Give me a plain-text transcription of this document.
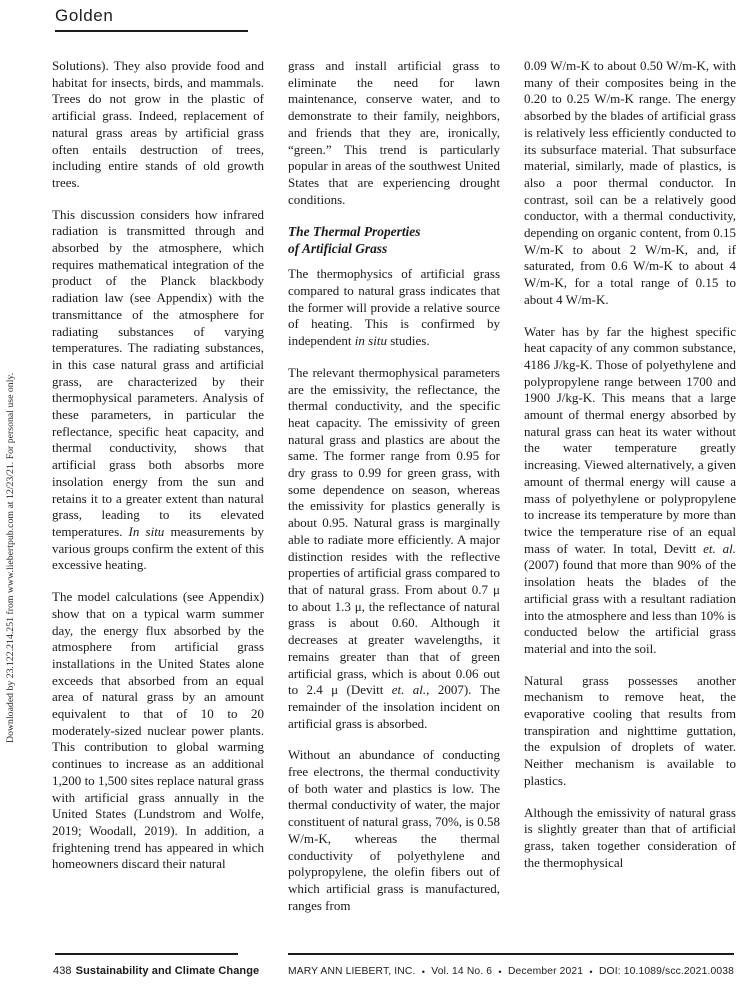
Golden
Downloaded by 23.122.214.251 from www.liebertpub.com at 12/23/21. For personal use only.

Solutions). They also provide food and habitat for insects, birds, and mammals. Trees do not grow in the plastic of artificial grass. Indeed, replacement of natural grass areas by artificial grass often entails destruction of trees, including entire stands of old growth trees.

This discussion considers how infrared radiation is transmitted through and absorbed by the atmosphere, which requires mathematical integration of the product of the Planck blackbody radiation law (see Appendix) with the transmittance of the atmosphere for radiating substances of varying temperatures. The radiating substances, in this case natural grass and artificial grass, are characterized by their thermophysical parameters. Analysis of these parameters, in particular the reflectance, specific heat capacity, and thermal conductivity, shows that artificial grass both absorbs more insolation energy from the sun and retains it to a greater extent than natural grass, leading to its elevated temperatures. In situ measurements by various groups confirm the extent of this excessive heating.

The model calculations (see Appendix) show that on a typical warm summer day, the energy flux absorbed by the atmosphere from artificial grass installations in the United States alone exceeds that absorbed from an equal area of natural grass by an amount equivalent to that of 10 to 20 moderately-sized nuclear power plants. This contribution to global warming continues to increase as an additional 1,200 to 1,500 sites replace natural grass with artificial grass annually in the United States (Lundstrom and Wolfe, 2019; Woodall, 2019). In addition, a frightening trend has appeared in which homeowners discard their natural

grass and install artificial grass to eliminate the need for lawn maintenance, conserve water, and to demonstrate to their family, neighbors, and friends that they are, ironically, “green.” This trend is particularly popular in areas of the southwest United States that are experiencing drought conditions.

The Thermal Properties
of Artificial Grass

The thermophysics of artificial grass compared to natural grass indicates that the former will provide a relative source of heating. This is confirmed by independent in situ studies.

The relevant thermophysical parameters are the emissivity, the reflectance, the thermal conductivity, and the specific heat capacity. The emissivity of green natural grass and plastics are about the same. The former range from 0.95 for dry grass to 0.99 for green grass, with some dependence on season, whereas the emissivity for plastics generally is about 0.95. Natural grass is marginally able to radiate more efficiently. A major distinction resides with the reflective properties of artificial grass compared to that of natural grass. From about 0.7 μ to about 1.3 μ, the reflectance of natural grass is about 0.60. Although it decreases at greater wavelengths, it remains greater than that of green artificial grass, which is about 0.06 out to 2.4 μ (Devitt et. al., 2007). The remainder of the insolation incident on artificial grass is absorbed.

Without an abundance of conducting free electrons, the thermal conductivity of both water and plastics is low. The thermal conductivity of water, the major constituent of natural grass, 70%, is 0.58 W/m-K, whereas the thermal conductivity of polyethylene and polypropylene, the olefin fibers out of which artificial grass is manufactured, ranges from

0.09 W/m-K to about 0.50 W/m-K, with many of their composites being in the 0.20 to 0.25 W/m-K range. The energy absorbed by the blades of artificial grass is relatively less efficiently conducted to its subsurface material. That subsurface material, similarly, made of plastics, is also a poor thermal conductor. In contrast, soil can be a relatively good conductor, with a thermal conductivity, depending on organic content, from 0.15 W/m-K to about 2 W/m-K, and, if saturated, from 0.6 W/m-K to about 4 W/m-K, for a total range of 0.15 to about 4 W/m-K.

Water has by far the highest specific heat capacity of any common substance, 4186 J/kg-K. Those of polyethylene and polypropylene range between 1700 and 1900 J/kg-K. This means that a large amount of thermal energy absorbed by natural grass can heat its water without the water temperature greatly increasing. Viewed alternatively, a given amount of thermal energy will cause a mass of polyethylene or polypropylene to increase its temperature by more than twice the temperature rise of an equal mass of water. In total, Devitt et. al. (2007) found that more than 90% of the insolation heats the blades of the artificial grass with a resultant radiation into the atmosphere and less than 10% is conducted below the artificial grass material and into the soil.

Natural grass possesses another mechanism to remove heat, the evaporative cooling that results from transpiration and nighttime guttation, the expulsion of droplets of water. Neither mechanism is available to plastics.

Although the emissivity of natural grass is slightly greater than that of artificial grass, taken together consideration of the thermophysical

438 Sustainability and Climate Change	MARY ANN LIEBERT, INC. • Vol. 14 No. 6 • December 2021 • DOI: 10.1089/scc.2021.0038
